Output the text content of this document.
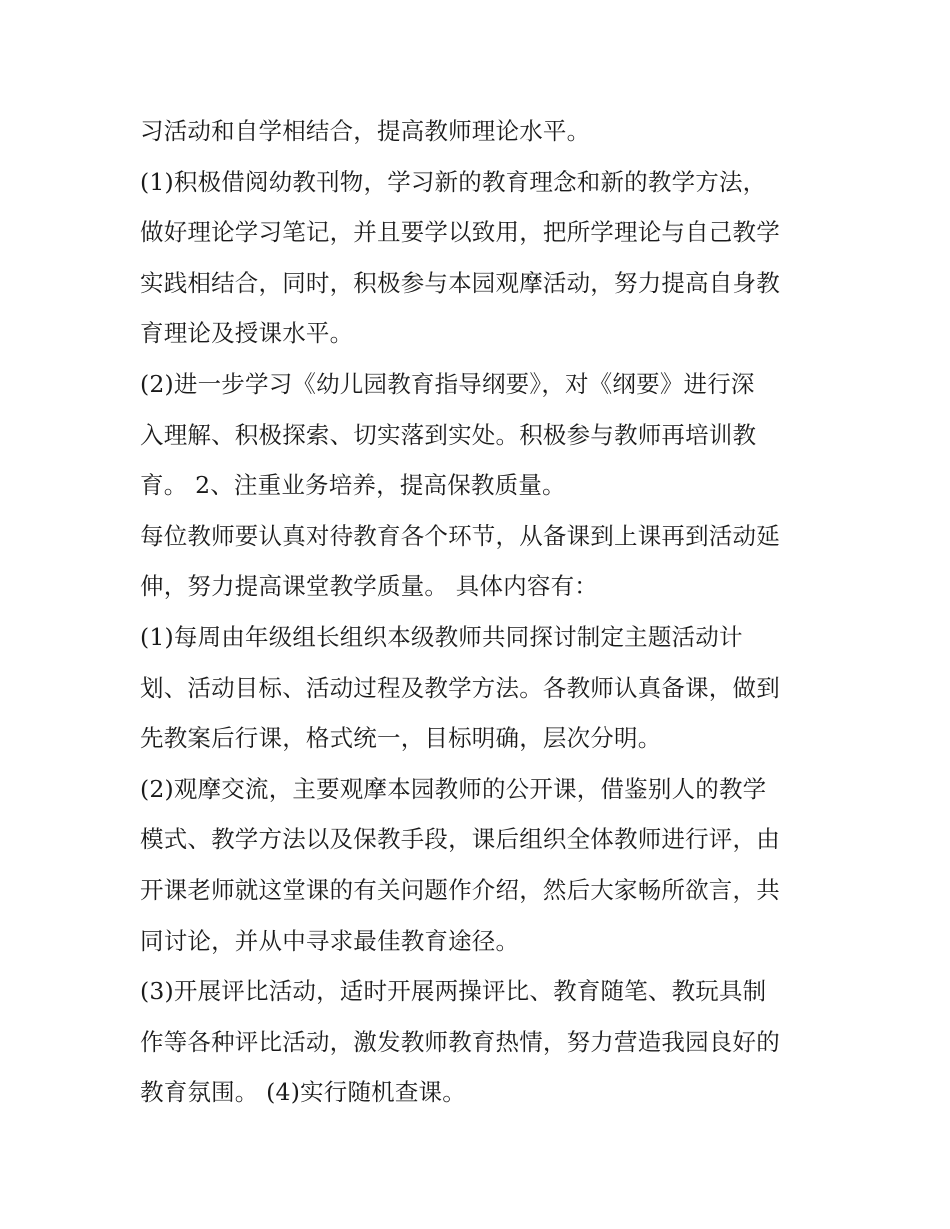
习活动和自学相结合，提高教师理论水平。
(1)积极借阅幼教刊物，学习新的教育理念和新的教学方法，
做好理论学习笔记，并且要学以致用，把所学理论与自己教学
实践相结合，同时，积极参与本园观摩活动，努力提高自身教
育理论及授课水平。
(2)进一步学习《幼儿园教育指导纲要》，对《纲要》进行深
入理解、积极探索、切实落到实处。积极参与教师再培训教
育。 2、注重业务培养，提高保教质量。
每位教师要认真对待教育各个环节，从备课到上课再到活动延
伸，努力提高课堂教学质量。 具体内容有：
(1)每周由年级组长组织本级教师共同探讨制定主题活动计
划、活动目标、活动过程及教学方法。各教师认真备课，做到
先教案后行课，格式统一，目标明确，层次分明。
(2)观摩交流，主要观摩本园教师的公开课，借鉴别人的教学
模式、教学方法以及保教手段，课后组织全体教师进行评，由
开课老师就这堂课的有关问题作介绍，然后大家畅所欲言，共
同讨论，并从中寻求最佳教育途径。
(3)开展评比活动，适时开展两操评比、教育随笔、教玩具制
作等各种评比活动，激发教师教育热情，努力营造我园良好的
教育氛围。 (4)实行随机查课。
